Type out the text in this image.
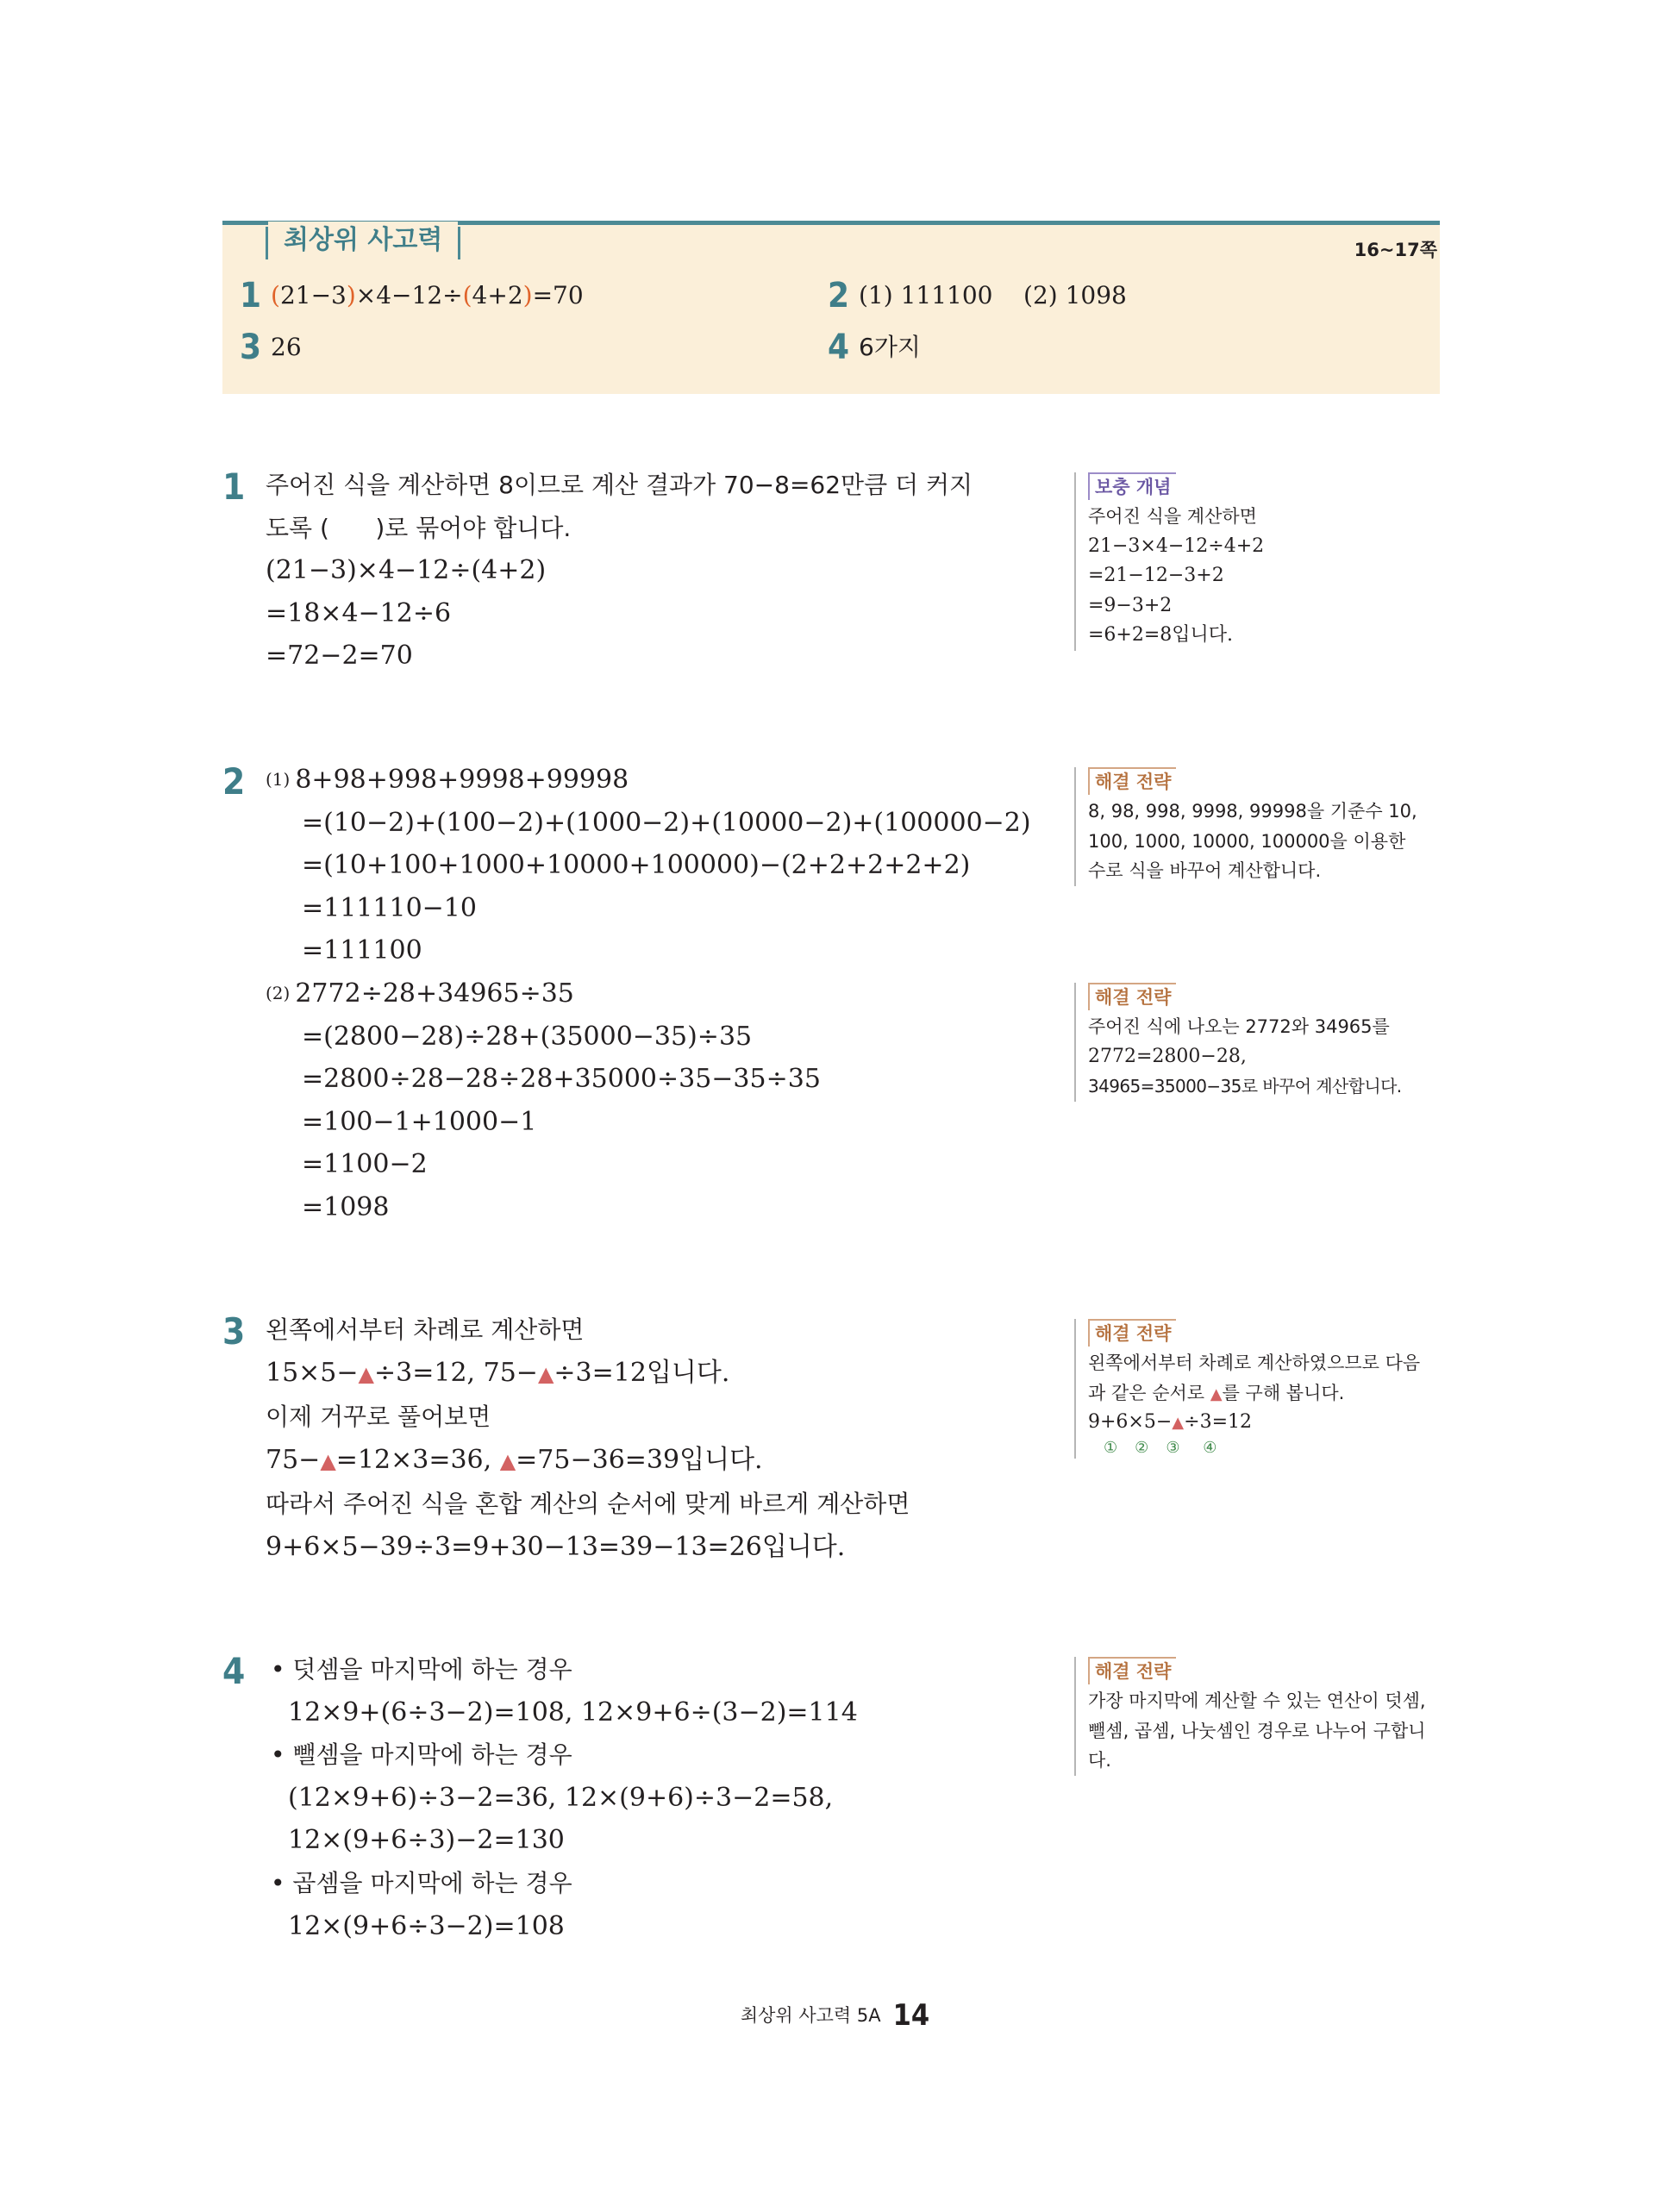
최상위 사고력	16~17쪽
1 (21−3)×4−12÷(4+2)=70	2 (1) 111100    (2) 1098
3 26	4 6가지
1 주어진 식을 계산하면 8이므로 계산 결과가 70−8=62만큼 더 커지
도록 (      )로 묶어야 합니다.
(21−3)×4−12÷(4+2)
=18×4−12÷6
=72−2=70
보충 개념
주어진 식을 계산하면
21−3×4−12÷4+2
=21−12−3+2
=9−3+2
=6+2=8입니다.
2 (1) 8+98+998+9998+99998
=(10−2)+(100−2)+(1000−2)+(10000−2)+(100000−2)
=(10+100+1000+10000+100000)−(2+2+2+2+2)
=111110−10
=111100
(2) 2772÷28+34965÷35
=(2800−28)÷28+(35000−35)÷35
=2800÷28−28÷28+35000÷35−35÷35
=100−1+1000−1
=1100−2
=1098
해결 전략
8, 98, 998, 9998, 99998을 기준수 10,
100, 1000, 10000, 100000을 이용한
수로 식을 바꾸어 계산합니다.
해결 전략
주어진 식에 나오는 2772와 34965를
2772=2800−28,
34965=35000−35로 바꾸어 계산합니다.
3 왼쪽에서부터 차례로 계산하면
15×5−▲÷3=12, 75−▲÷3=12입니다.
이제 거꾸로 풀어보면
75−▲=12×3=36, ▲=75−36=39입니다.
따라서 주어진 식을 혼합 계산의 순서에 맞게 바르게 계산하면
9+6×5−39÷3=9+30−13=39−13=26입니다.
해결 전략
왼쪽에서부터 차례로 계산하였으므로 다음
과 같은 순서로 ▲를 구해 봅니다.
9+6×5−▲÷3=12
① ② ③ ④
4 • 덧셈을 마지막에 하는 경우
12×9+(6÷3−2)=108, 12×9+6÷(3−2)=114
• 뺄셈을 마지막에 하는 경우
(12×9+6)÷3−2=36, 12×(9+6)÷3−2=58,
12×(9+6÷3)−2=130
• 곱셈을 마지막에 하는 경우
12×(9+6÷3−2)=108
해결 전략
가장 마지막에 계산할 수 있는 연산이 덧셈,
뺄셈, 곱셈, 나눗셈인 경우로 나누어 구합니
다.
최상위 사고력 5A 14
